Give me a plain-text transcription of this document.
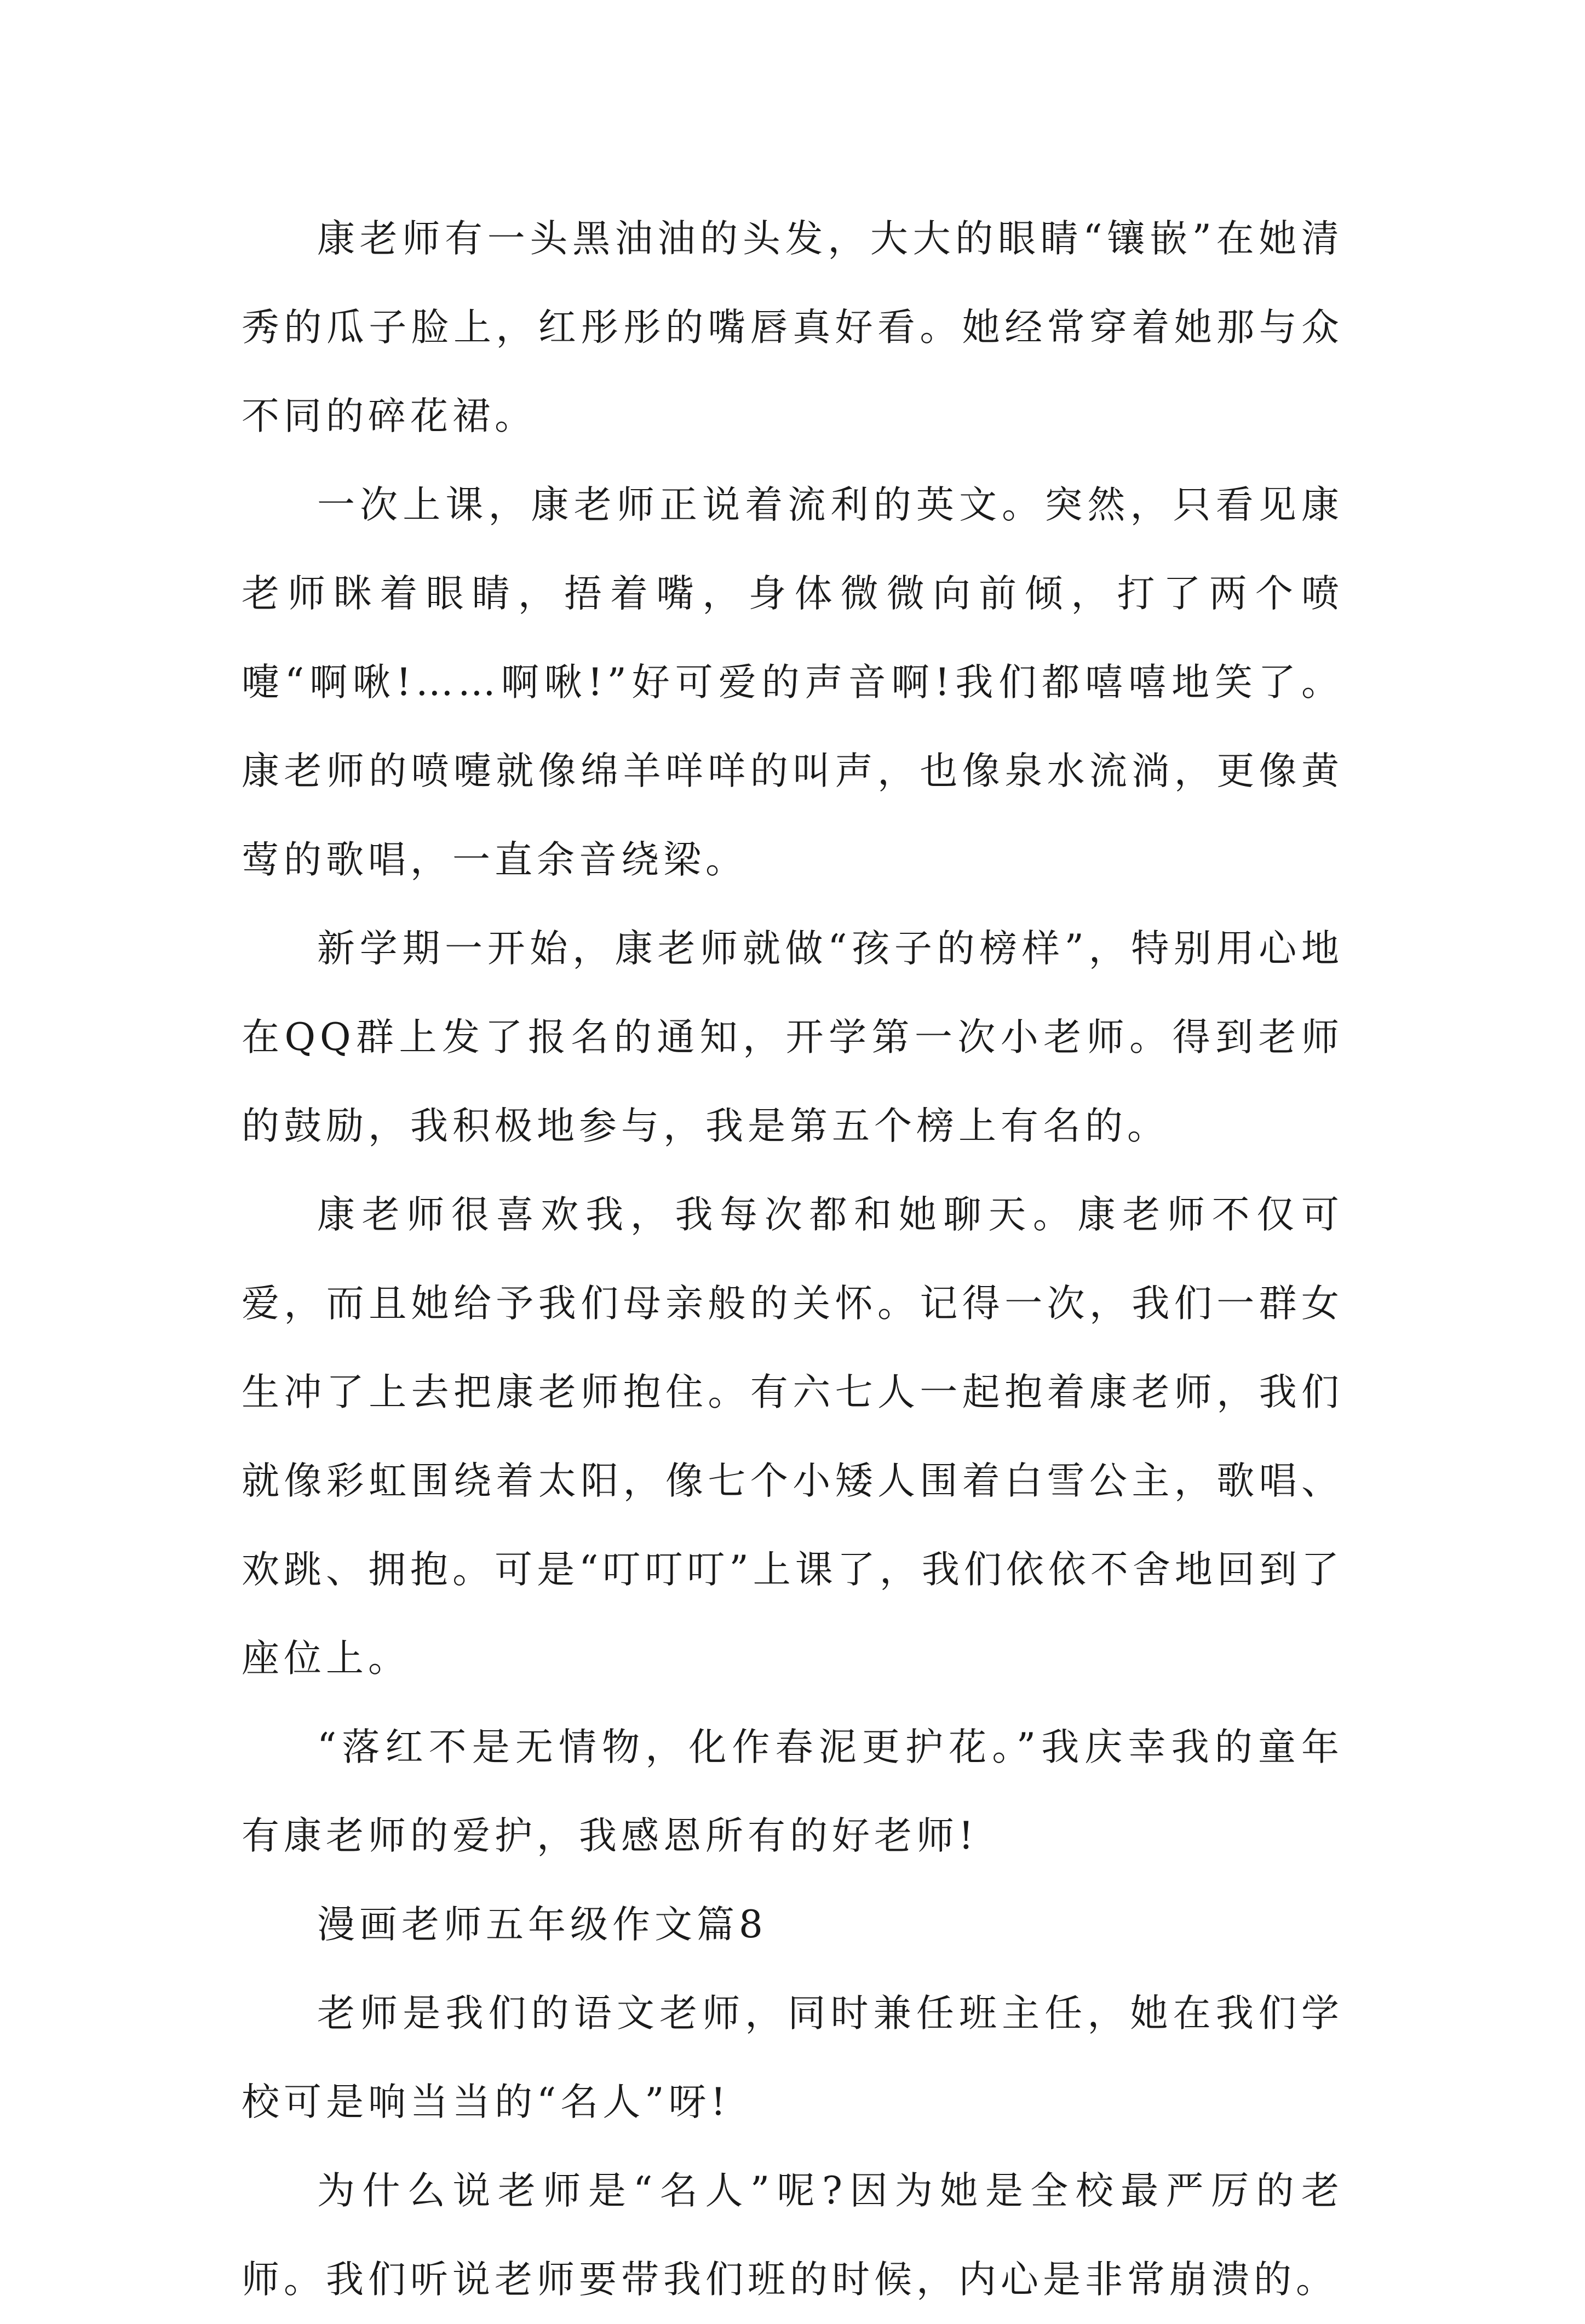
康老师有一头黑油油的头发，大大的眼睛“镶嵌”在她清秀的瓜子脸上，红彤彤的嘴唇真好看。她经常穿着她那与众不同的碎花裙。

一次上课，康老师正说着流利的英文。突然，只看见康老师眯着眼睛，捂着嘴，身体微微向前倾，打了两个喷嚏“啊啾!……啊啾!”好可爱的声音啊!我们都嘻嘻地笑了。康老师的喷嚏就像绵羊咩咩的叫声，也像泉水流淌，更像黄莺的歌唱，一直余音绕梁。

新学期一开始，康老师就做“孩子的榜样”，特别用心地在QQ群上发了报名的通知，开学第一次小老师。得到老师的鼓励，我积极地参与，我是第五个榜上有名的。

康老师很喜欢我，我每次都和她聊天。康老师不仅可爱，而且她给予我们母亲般的关怀。记得一次，我们一群女生冲了上去把康老师抱住。有六七人一起抱着康老师，我们就像彩虹围绕着太阳，像七个小矮人围着白雪公主，歌唱、欢跳、拥抱。可是“叮叮叮”上课了，我们依依不舍地回到了座位上。

“落红不是无情物，化作春泥更护花。”我庆幸我的童年有康老师的爱护，我感恩所有的好老师!

漫画老师五年级作文篇8

老师是我们的语文老师，同时兼任班主任，她在我们学校可是响当当的“名人”呀!

为什么说老师是“名人”呢?因为她是全校最严厉的老师。我们听说老师要带我们班的时候，内心是非常崩溃的。
